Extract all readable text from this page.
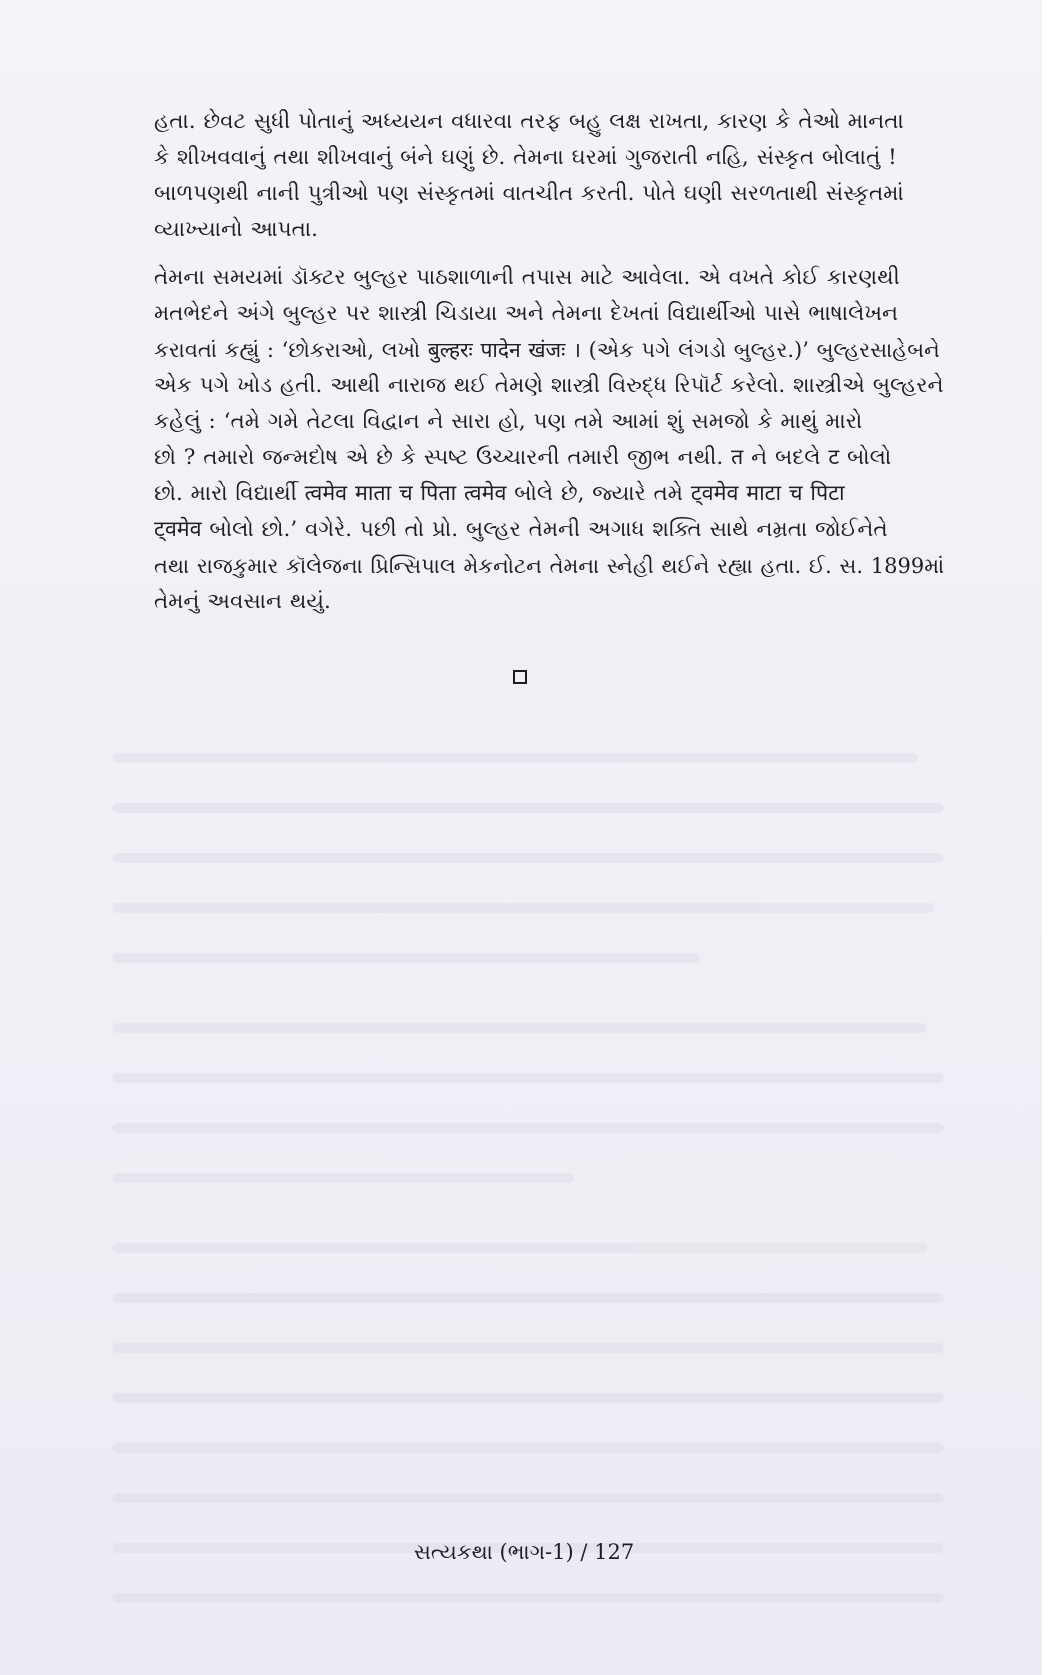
હતા. છેવટ સુધી પોતાનું અધ્યયન વધારવા તરફ બહુ લક્ષ રાખતા, કારણ કે તેઓ માનતા

કે શીખવવાનું તથા શીખવાનું બંને ઘણું છે. તેમના ઘરમાં ગુજરાતી નહિ, સંસ્કૃત બોલાતું !

બાળપણથી નાની પુત્રીઓ પણ સંસ્કૃતમાં વાતચીત કરતી. પોતે ઘણી સરળતાથી સંસ્કૃતમાં

વ્યાખ્યાનો આપતા.

તેમના સમયમાં ડૉક્ટર બુલ્હર પાઠશાળાની તપાસ માટે આવેલા. એ વખતે કોઈ કારણથી

મતભેદને અંગે બુલ્હર પર શાસ્ત્રી ચિડાયા અને તેમના દેખતાં વિદ્યાર્થીઓ પાસે ભાષાલેખન

કરાવતાં કહ્યું : ‘છોકરાઓ, લખો बुल्हरः पादेन खंजः । (એક પગે લંગડો બુલ્હર.)’ બુલ્હરસાહેબને

એક પગે ખોડ હતી. આથી નારાજ થઈ તેમણે શાસ્ત્રી વિરુદ્ધ રિપૉર્ટ કરેલો. શાસ્ત્રીએ બુલ્હરને

કહેલું : ‘તમે ગમે તેટલા વિદ્વાન ને સારા હો, પણ તમે આમાં શું સમજો કે માથું મારો

છો ? તમારો જન્મદોષ એ છે કે સ્પષ્ટ ઉચ્ચારની તમારી જીભ નથી. त ને બદલે ट બોલો

છો. મારો વિદ્યાર્થી त्वमेव माता च पिता त्वमेव બોલે છે, જ્યારે તમે ट्वमेव माटा च पिटा

ट्वमेव બોલો છો.’ વગેરે. પછી તો પ્રો. બુલ્હર તેમની અગાધ શક્તિ સાથે નમ્રતા જોઈનેતે

તથા રાજકુમાર કૉલેજના પ્રિન્સિપાલ મેકનોટન તેમના સ્નેહી થઈને રહ્યા હતા. ઈ. સ. 1899માં

તેમનું અવસાન થયું.

સત્યકથા (ભાગ-1) / 127
